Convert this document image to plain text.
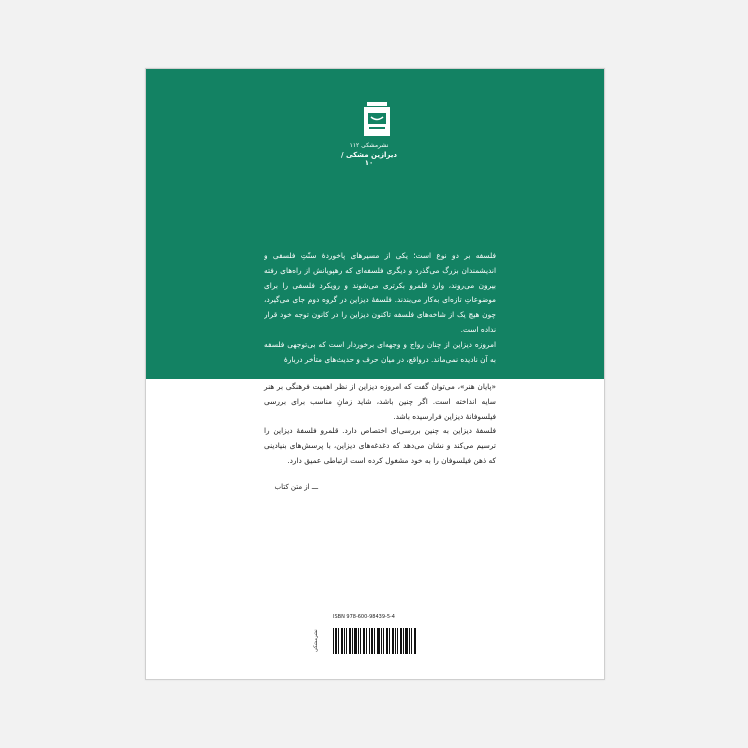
نشرمشکی ۱۱۲
دیرازین مشکی / ۱۰

فلسفه بر دو نوع است؛ یکی از مسیرهای پاخوردهٔ سنّتِ فلسفی و اندیشمندان بزرگ می‌گذرد و دیگری فلسفه‌ای که رهپویانش از راه‌های رفته بیرون می‌روند، وارد قلمرو بکرتری می‌شوند و رویکرد فلسفی را برای موضوعاتِ تازه‌ای به‌کار می‌بندند. فلسفهٔ دیزاین در گروه دوم جای می‌گیرد، چون هیچ یک از شاخه‌های فلسفه تاکنون دیزاین را در کانون توجه خود قرار نداده است.

امروزه دیزاین از چنان رواج و وجهه‌ای برخوردار است که بی‌توجهی فلسفه به آن نادیده نمی‌ماند. درواقع، در میان حرف و حدیث‌های متأخر دربارهٔ

«پایان هنر»، می‌توان گفت که امروزه دیزاین از نظر اهمیت فرهنگی بر هنر سایه انداخته است. اگر چنین باشد، شاید زمانِ مناسب برای بررسی فیلسوفانهٔ دیزاین فرارسیده باشد.

فلسفهٔ دیزاین به چنین بررسی‌ای اختصاص دارد. قلمرو فلسفهٔ دیزاین را ترسیم می‌کند و نشان می‌دهد که دغدغه‌های دیزاین، با پرسش‌های بنیادینی که ذهن فیلسوفان را به خود مشغول کرده است ارتباطی عمیق دارد.

ـــ از متن کتاب
ISBN 978-600-98439-5-4
نشرمشکی
